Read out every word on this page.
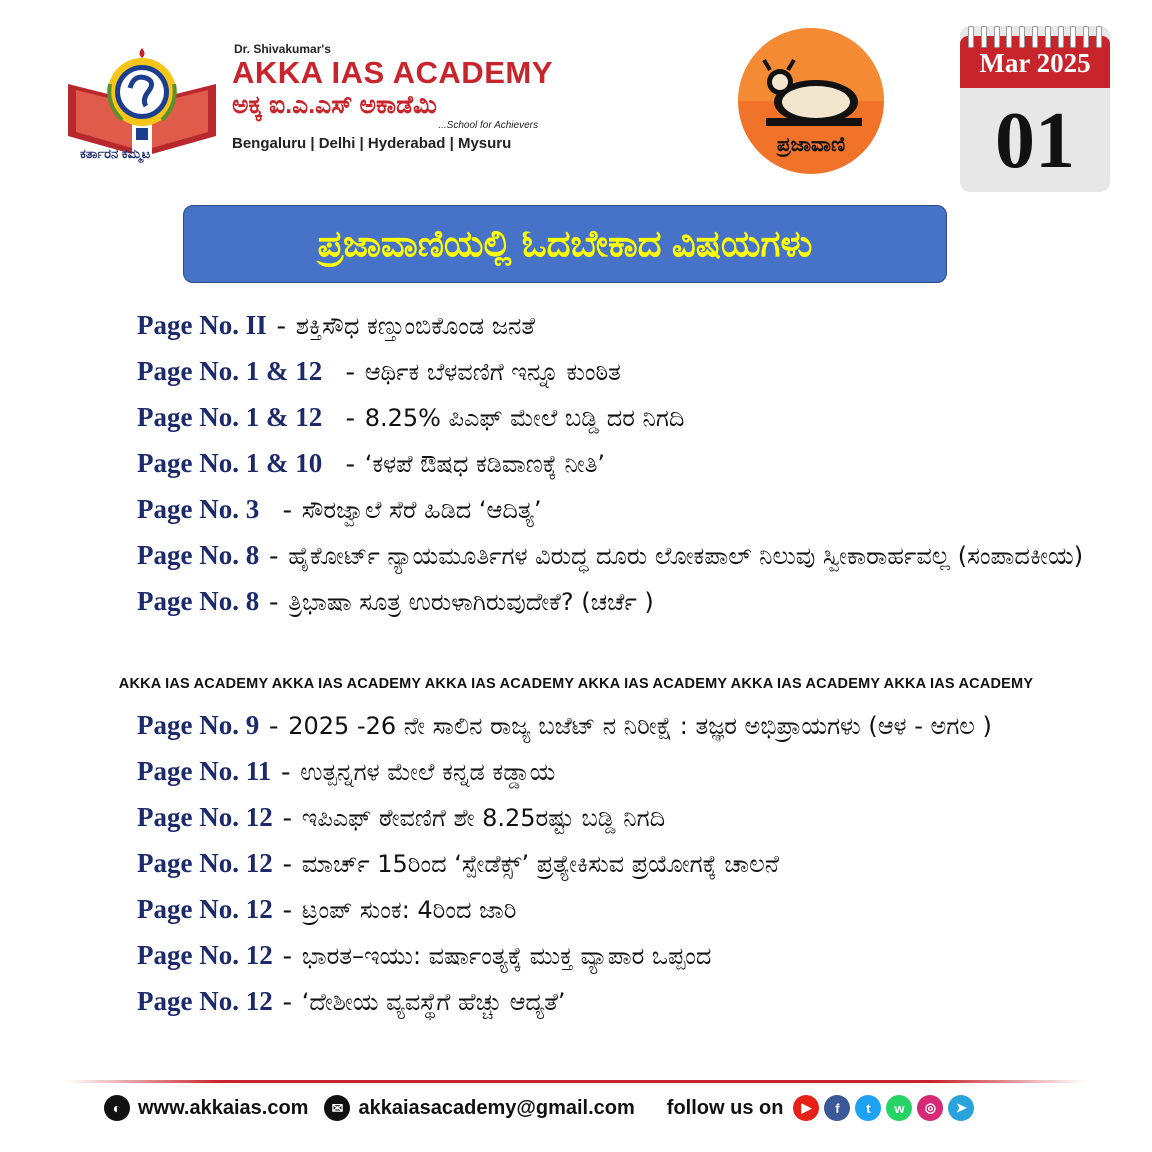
ಕರ್ತಾರನ ಕಮ್ಮಟ
Dr. Shivakumar's
AKKA IAS ACADEMY
ಅಕ್ಕ ಐ.ಎ.ಎಸ್ ಅಕಾಡೆಮಿ
...School for Achievers
Bengaluru | Delhi | Hyderabad | Mysuru	ಪ್ರಜಾವಾಣಿ
Mar 2025
01
ಪ್ರಜಾವಾಣಿಯಲ್ಲಿ ಓದಬೇಕಾದ ವಿಷಯಗಳು
Page No. II - ಶಕ್ತಿಸೌಧ ಕಣ್ತುಂಬಿಕೊಂಡ ಜನತೆ
Page No. 1 & 12  - ಆರ್ಥಿಕ ಬೆಳವಣಿಗೆ ಇನ್ನೂ ಕುಂಠಿತ
Page No. 1 & 12  - 8.25% ಪಿಎಫ್ ಮೇಲೆ ಬಡ್ಡಿ ದರ ನಿಗದಿ
Page No. 1 & 10  - ‘ಕಳಪೆ ಔಷಧ ಕಡಿವಾಣಕ್ಕೆ ನೀತಿ’
Page No. 3  - ಸೌರಜ್ವಾಲೆ ಸೆರೆ ಹಿಡಿದ ‘ಆದಿತ್ಯ’
Page No. 8 - ಹೈಕೋರ್ಟ್ ನ್ಯಾಯಮೂರ್ತಿಗಳ ವಿರುದ್ಧ ದೂರು ಲೋಕಪಾಲ್ ನಿಲುವು ಸ್ವೀಕಾರಾರ್ಹವಲ್ಲ (ಸಂಪಾದಕೀಯ)
Page No. 8 - ತ್ರಿಭಾಷಾ ಸೂತ್ರ ಉರುಳಾಗಿರುವುದೇಕೆ? (ಚರ್ಚೆ )
AKKA IAS ACADEMY AKKA IAS ACADEMY AKKA IAS ACADEMY AKKA IAS ACADEMY AKKA IAS ACADEMY AKKA IAS ACADEMY
Page No. 9 - 2025 -26 ನೇ ಸಾಲಿನ ರಾಜ್ಯ ಬಜೆಟ್ ನ ನಿರೀಕ್ಷೆ : ತಜ್ಞರ ಅಭಿಪ್ರಾಯಗಳು (ಆಳ - ಅಗಲ )
Page No. 11 - ಉತ್ಪನ್ನಗಳ ಮೇಲೆ ಕನ್ನಡ ಕಡ್ಡಾಯ
Page No. 12 - ಇಪಿಎಫ್ ಠೇವಣಿಗೆ ಶೇ 8.25ರಷ್ಟು ಬಡ್ಡಿ ನಿಗದಿ
Page No. 12 - ಮಾರ್ಚ್ 15ರಿಂದ ‘ಸ್ಪೇಡೆಕ್ಸ್’ ಪ್ರತ್ಯೇಕಿಸುವ ಪ್ರಯೋಗಕ್ಕೆ ಚಾಲನೆ
Page No. 12 - ಟ್ರಂಪ್ ಸುಂಕ: 4ರಿಂದ ಜಾರಿ
Page No. 12 - ಭಾರತ–ಇಯು: ವರ್ಷಾಂತ್ಯಕ್ಕೆ ಮುಕ್ತ ವ್ಯಾಪಾರ ಒಪ್ಪಂದ
Page No. 12 - ‘ದೇಶೀಯ ವ್ಯವಸ್ಥೆಗೆ ಹೆಚ್ಚು ಆದ್ಯತೆ’
◐ www.akkaias.com	✉ akkaiasacademy@gmail.com follow us on	▶	f	t	w	◎	➤
